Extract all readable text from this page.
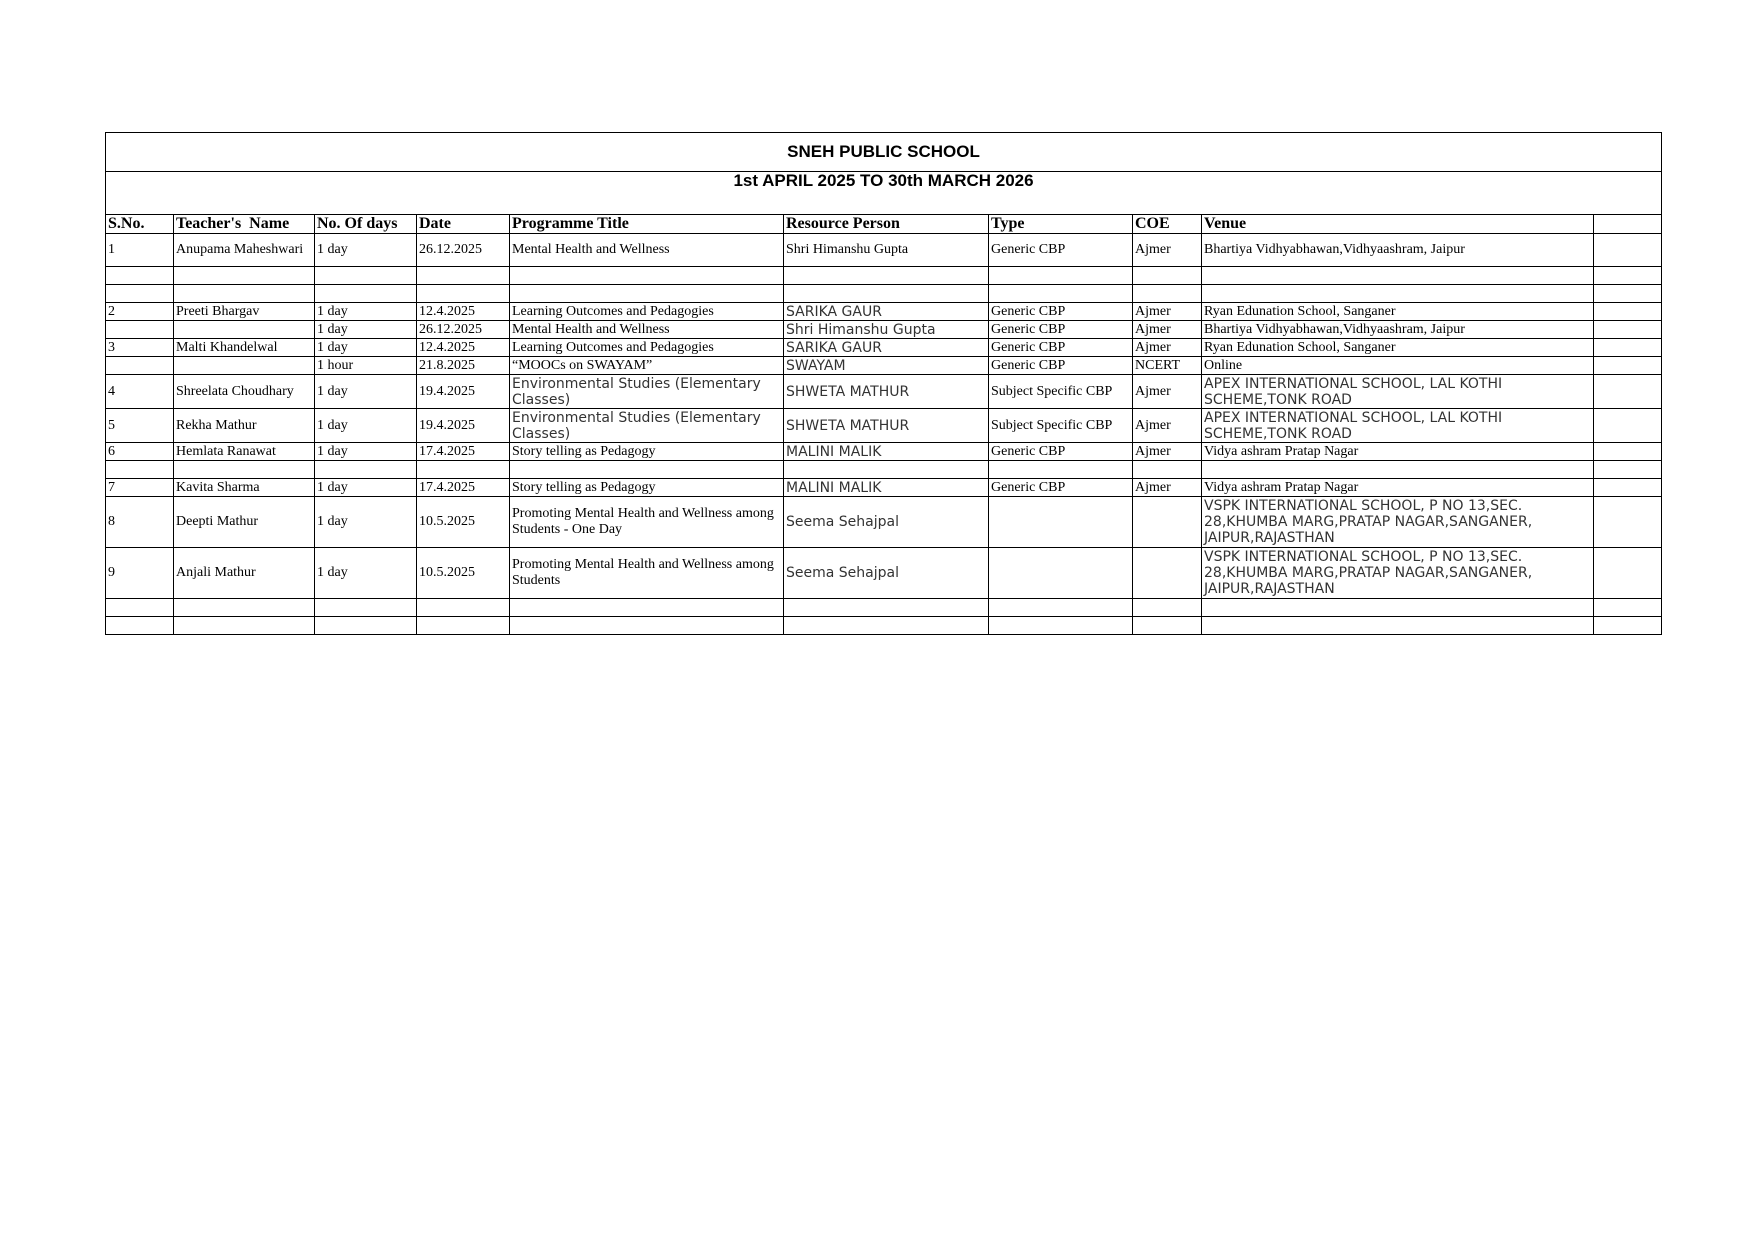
SNEH PUBLIC SCHOOL									
1st APRIL 2025 TO 30th MARCH 2026									
S.No.	Teacher's  Name	No. Of days	Date	Programme Title	Resource Person	Type	COE	Venue	
1	Anupama Maheshwari	1 day	26.12.2025	Mental Health and Wellness	Shri Himanshu Gupta	Generic CBP	Ajmer	Bhartiya Vidhyabhawan,Vidhyaashram, Jaipur	

2	Preeti Bhargav	1 day	12.4.2025	Learning Outcomes and Pedagogies	SARIKA GAUR	Generic CBP	Ajmer	Ryan Edunation School, Sanganer	
		1 day	26.12.2025	Mental Health and Wellness	Shri Himanshu Gupta	Generic CBP	Ajmer	Bhartiya Vidhyabhawan,Vidhyaashram, Jaipur	
3	Malti Khandelwal	1 day	12.4.2025	Learning Outcomes and Pedagogies	SARIKA GAUR	Generic CBP	Ajmer	Ryan Edunation School, Sanganer	
		1 hour	21.8.2025	“MOOCs on SWAYAM”	SWAYAM	Generic CBP	NCERT	Online	
4	Shreelata Choudhary	1 day	19.4.2025	Environmental Studies (Elementary Classes)	SHWETA MATHUR	Subject Specific CBP	Ajmer	APEX INTERNATIONAL SCHOOL, LAL KOTHI SCHEME,TONK ROAD	
5	Rekha Mathur	1 day	19.4.2025	Environmental Studies (Elementary Classes)	SHWETA MATHUR	Subject Specific CBP	Ajmer	APEX INTERNATIONAL SCHOOL, LAL KOTHI SCHEME,TONK ROAD	
6	Hemlata Ranawat	1 day	17.4.2025	Story telling as Pedagogy	MALINI MALIK	Generic CBP	Ajmer	Vidya ashram Pratap Nagar	

7	Kavita Sharma	1 day	17.4.2025	Story telling as Pedagogy	MALINI MALIK	Generic CBP	Ajmer	Vidya ashram Pratap Nagar	
8	Deepti Mathur	1 day	10.5.2025	Promoting Mental Health and Wellness among Students - One Day	Seema Sehajpal			VSPK INTERNATIONAL SCHOOL, P NO 13,SEC. 28,KHUMBA MARG,PRATAP NAGAR,SANGANER, JAIPUR,RAJASTHAN	
9	Anjali Mathur	1 day	10.5.2025	Promoting Mental Health and Wellness among Students	Seema Sehajpal			VSPK INTERNATIONAL SCHOOL, P NO 13,SEC. 28,KHUMBA MARG,PRATAP NAGAR,SANGANER, JAIPUR,RAJASTHAN	
